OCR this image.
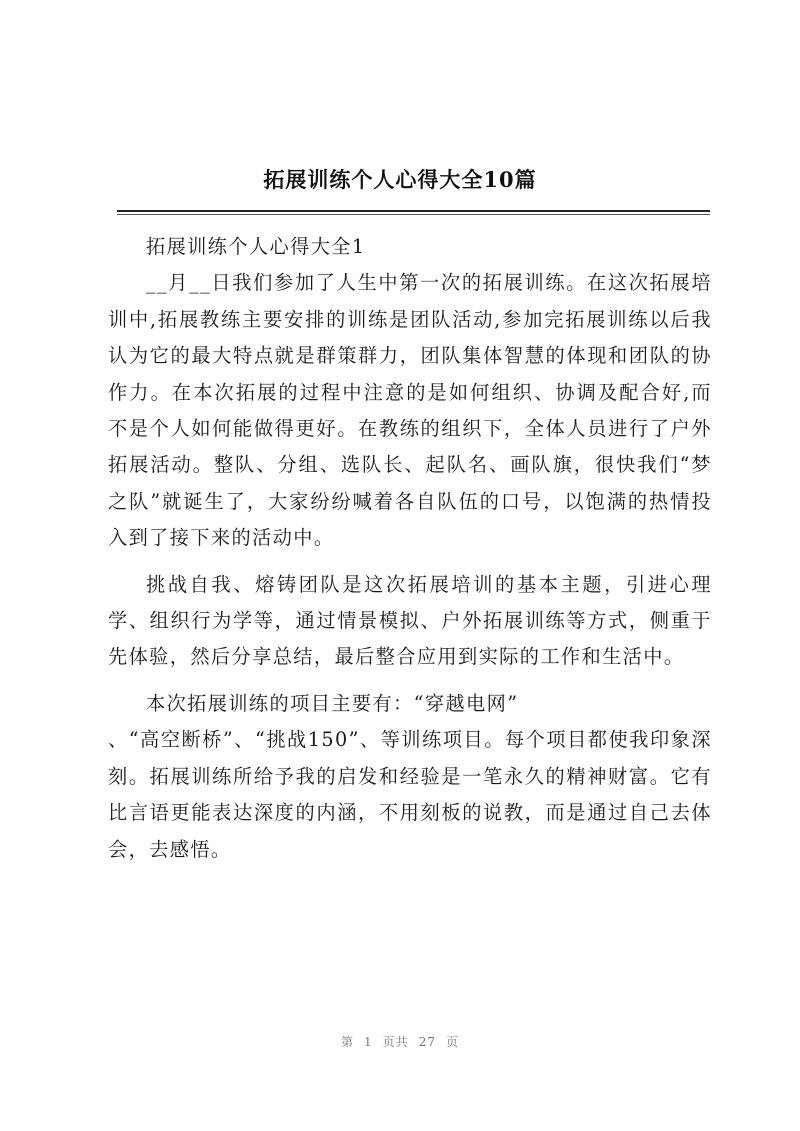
拓展训练个人心得大全10篇

拓展训练个人心得大全1

__月__日我们参加了人生中第一次的拓展训练。在这次拓展培训中,拓展教练主要安排的训练是团队活动,参加完拓展训练以后我认为它的最大特点就是群策群力，团队集体智慧的体现和团队的协作力。在本次拓展的过程中注意的是如何组织、协调及配合好,而不是个人如何能做得更好。在教练的组织下，全体人员进行了户外拓展活动。整队、分组、选队长、起队名、画队旗，很快我们“梦之队”就诞生了，大家纷纷喊着各自队伍的口号，以饱满的热情投入到了接下来的活动中。

挑战自我、熔铸团队是这次拓展培训的基本主题，引进心理学、组织行为学等，通过情景模拟、户外拓展训练等方式，侧重于先体验，然后分享总结，最后整合应用到实际的工作和生活中。

本次拓展训练的项目主要有：“穿越电网”

、“高空断桥”、“挑战150”、等训练项目。每个项目都使我印象深刻。拓展训练所给予我的启发和经验是一笔永久的精神财富。它有比言语更能表达深度的内涵，不用刻板的说教，而是通过自己去体会，去感悟。

第 1 页共 27 页
